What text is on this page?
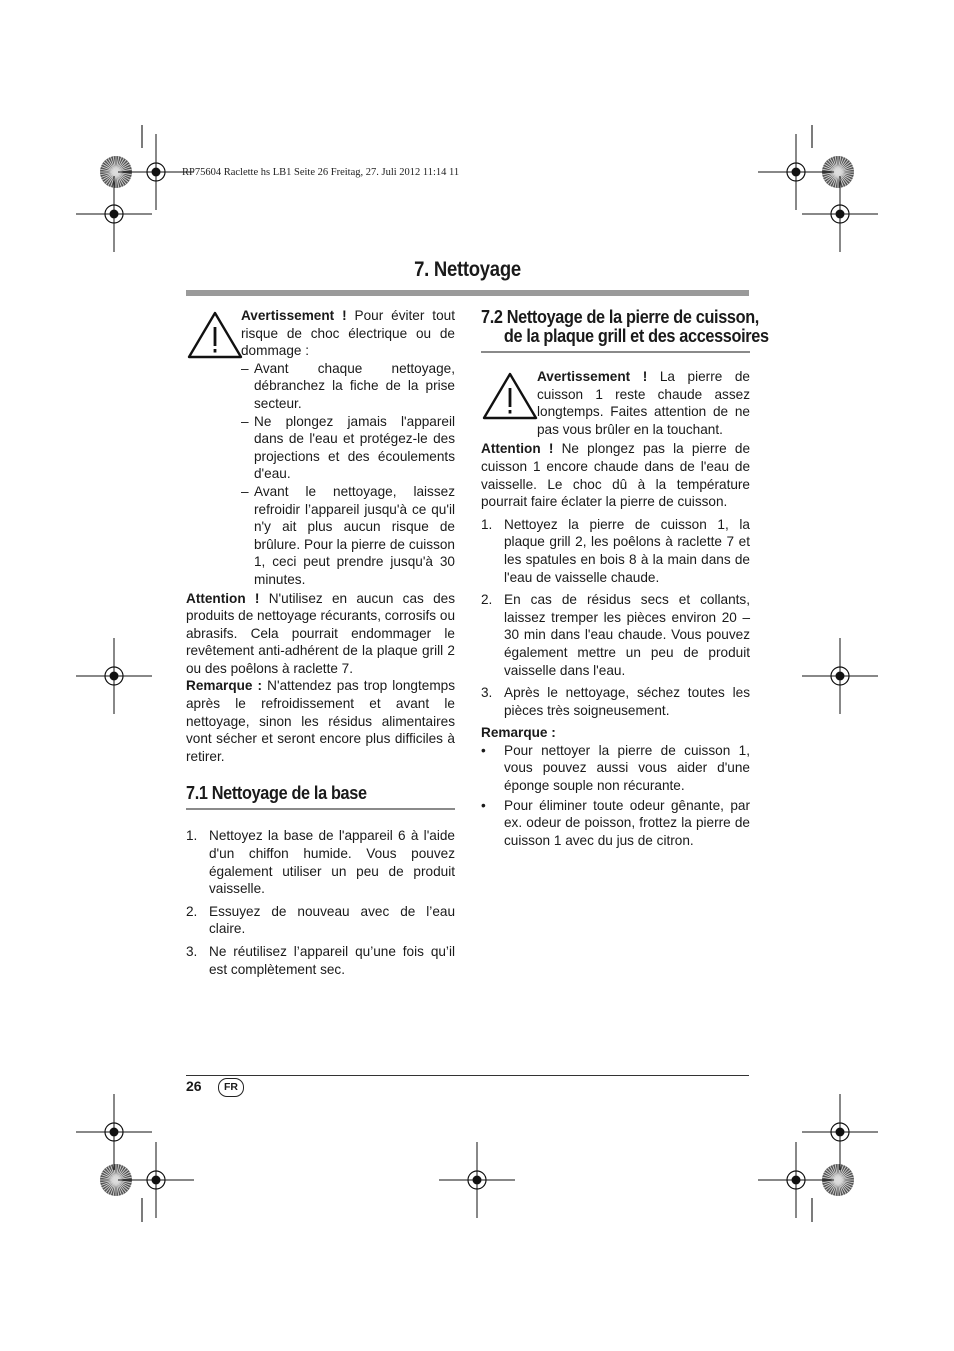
RP75604 Raclette hs LB1 Seite 26 Freitag, 27. Juli 2012 11:14 11
7. Nettoyage

Avertissement ! Pour éviter tout risque de choc électrique ou de dommage :

– Avant chaque nettoyage, débranchez la fiche de la prise secteur.
– Ne plongez jamais l'appareil dans de l'eau et protégez-le des projections et des écoulements d'eau.
– Avant le nettoyage, laissez refroidir l’appareil jusqu'à ce qu'il n'y ait plus aucun risque de brûlure. Pour la pierre de cuisson 1, ceci peut prendre jusqu'à 30 minutes.

Attention ! N'utilisez en aucun cas des produits de nettoyage récurants, corrosifs ou abrasifs. Cela pourrait endommager le revêtement anti-adhérent de la plaque grill 2 ou des poêlons à raclette 7.

Remarque : N'attendez pas trop longtemps après le refroidissement et avant le nettoyage, sinon les résidus alimentaires vont sécher et seront encore plus difficiles à retirer.

7.1 Nettoyage de la base
1. Nettoyez la base de l'appareil 6 à l'aide d'un chiffon humide. Vous pouvez également utiliser un peu de produit vaisselle.
2. Essuyez de nouveau avec de l’eau claire.
3. Ne réutilisez l’appareil qu’une fois qu’il est complètement sec.
7.2 Nettoyage de la pierre de cuisson,
de la plaque grill et des accessoires

Avertissement ! La pierre de cuisson 1 reste chaude assez longtemps. Faites attention de ne pas vous brûler en la touchant.

Attention ! Ne plongez pas la pierre de cuisson 1 encore chaude dans de l'eau de vaisselle. Le choc dû à la température pourrait faire éclater la pierre de cuisson.

1. Nettoyez la pierre de cuisson 1, la plaque grill 2, les poêlons à raclette 7 et les spatules en bois 8 à la main dans de l'eau de vaisselle chaude.
2. En cas de résidus secs et collants, laissez tremper les pièces environ 20 – 30 min dans l'eau chaude. Vous pouvez également mettre un peu de produit vaisselle dans l'eau.
3. Après le nettoyage, séchez toutes les pièces très soigneusement.

Remarque :

•	Pour nettoyer la pierre de cuisson 1, vous pouvez aussi vous aider d'une éponge souple non récurante.
•	Pour éliminer toute odeur gênante, par ex. odeur de poisson, frottez la pierre de cuisson 1 avec du jus de citron.
26	FR
